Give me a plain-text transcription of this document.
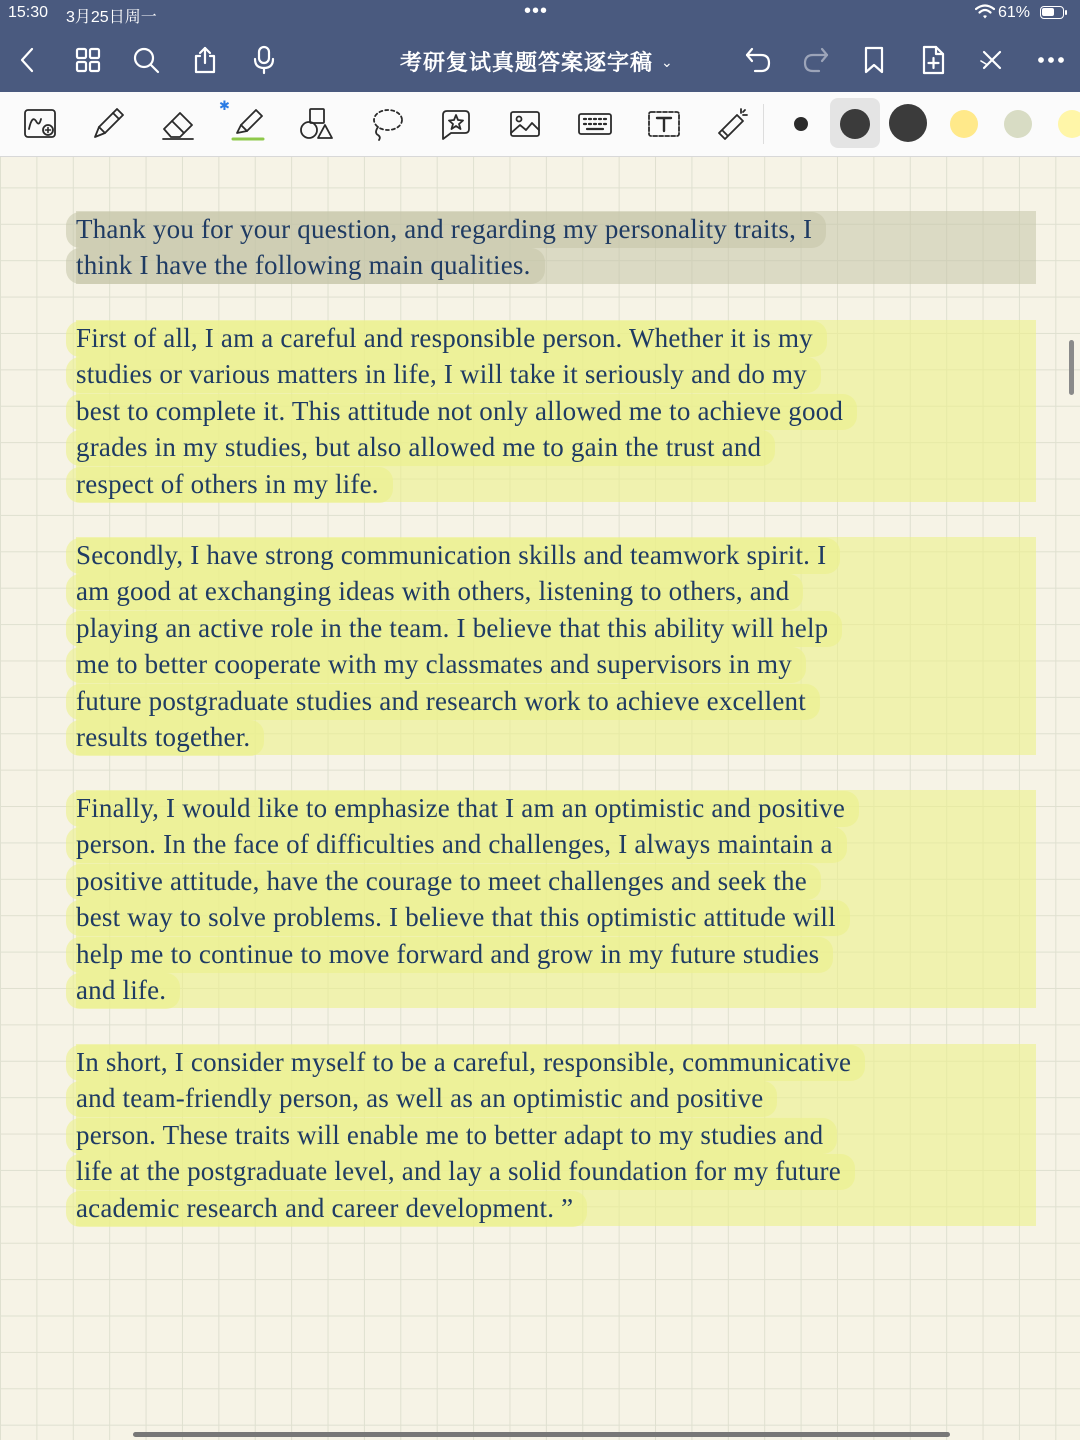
15:30 3月25日周一	•••	61%
考研复试真题答案逐字稿 ⌄
✱
Thank you for your question, and regarding my personality traits, I
think I have the following main qualities.
First of all, I am a careful and responsible person. Whether it is my
studies or various matters in life, I will take it seriously and do my
best to complete it. This attitude not only allowed me to achieve good
grades in my studies, but also allowed me to gain the trust and
respect of others in my life.
Secondly, I have strong communication skills and teamwork spirit. I
am good at exchanging ideas with others, listening to others, and
playing an active role in the team. I believe that this ability will help
me to better cooperate with my classmates and supervisors in my
future postgraduate studies and research work to achieve excellent
results together.
Finally, I would like to emphasize that I am an optimistic and positive
person. In the face of difficulties and challenges, I always maintain a
positive attitude, have the courage to meet challenges and seek the
best way to solve problems. I believe that this optimistic attitude will
help me to continue to move forward and grow in my future studies
and life.
In short, I consider myself to be a careful, responsible, communicative
and team-friendly person, as well as an optimistic and positive
person. These traits will enable me to better adapt to my studies and
life at the postgraduate level, and lay a solid foundation for my future
academic research and career development. ”
